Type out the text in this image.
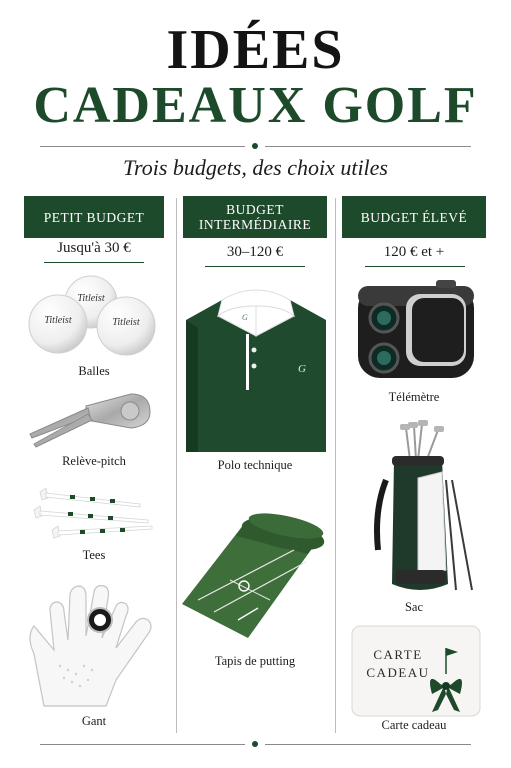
IDÉES
CADEAUX GOLF
Trois budgets, des choix utiles
PETIT BUDGET	BUDGET INTERMÉDIAIRE	BUDGET ÉLEVÉ
Jusqu'à 30 €	30–120 €	120 € et +
Titleist
Titleist	Titleist
Balles
Relève-pitch
Tees
Gant
G
G
Polo technique
Tapis de putting
Télémètre
Sac
CARTE
CADEAU
Carte cadeau
